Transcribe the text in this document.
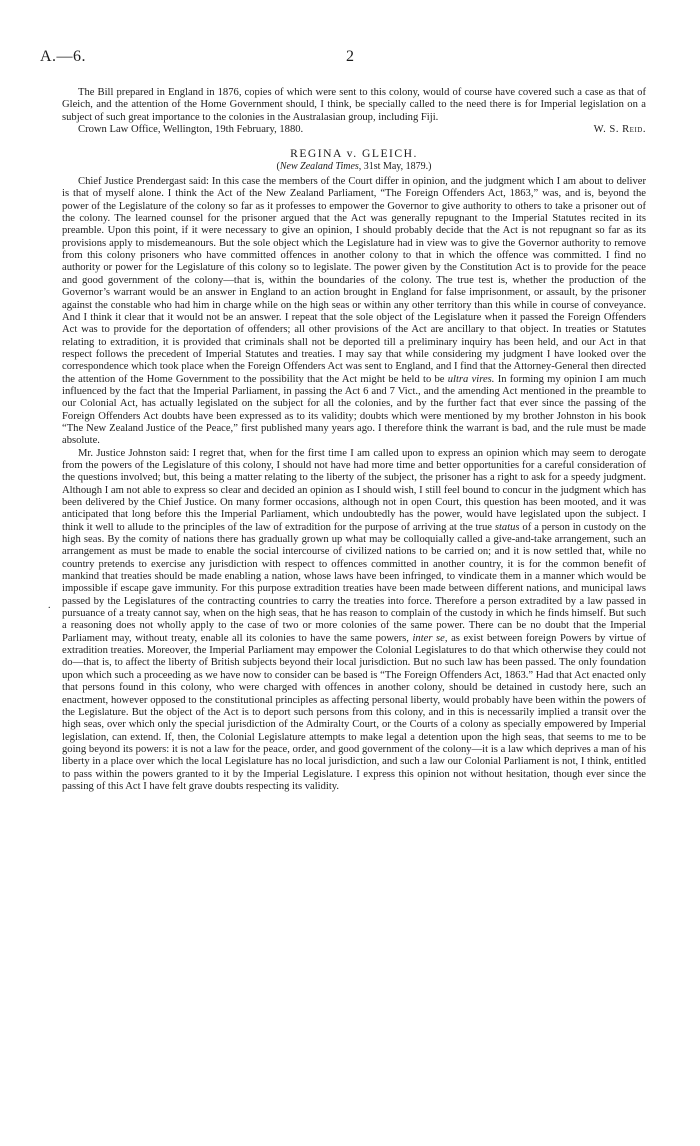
A.—6.	2
.

The Bill prepared in England in 1876, copies of which were sent to this colony, would of course have covered such a case as that of Gleich, and the attention of the Home Government should, I think, be specially called to the need there is for Imperial legislation on a subject of such great importance to the colonies in the Australasian group, including Fiji.

Crown Law Office, Wellington, 19th February, 1880.	W. S. Reid.
REGINA v. GLEICH.
(New Zealand Times, 31st May, 1879.)

Chief Justice Prendergast said: In this case the members of the Court differ in opinion, and the judgment which I am about to deliver is that of myself alone. I think the Act of the New Zealand Parliament, “The Foreign Offenders Act, 1863,” was, and is, beyond the power of the Legislature of the colony so far as it professes to empower the Governor to give authority to others to take a prisoner out of the colony. The learned counsel for the prisoner argued that the Act was generally repugnant to the Imperial Statutes recited in its preamble. Upon this point, if it were necessary to give an opinion, I should probably decide that the Act is not repugnant so far as its provisions apply to misdemeanours. But the sole object which the Legislature had in view was to give the Governor authority to remove from this colony prisoners who have committed offences in another colony to that in which the offence was committed. I find no authority or power for the Legislature of this colony so to legislate. The power given by the Constitution Act is to provide for the peace and good government of the colony—that is, within the boundaries of the colony. The true test is, whether the production of the Governor’s warrant would be an answer in England to an action brought in England for false imprisonment, or assault, by the prisoner against the constable who had him in charge while on the high seas or within any other territory than this while in course of conveyance. And I think it clear that it would not be an answer. I repeat that the sole object of the Legislature when it passed the Foreign Offenders Act was to provide for the deportation of offenders; all other provisions of the Act are ancillary to that object. In treaties or Statutes relating to extradition, it is provided that criminals shall not be deported till a preliminary inquiry has been held, and our Act in that respect follows the precedent of Imperial Statutes and treaties. I may say that while considering my judgment I have looked over the correspondence which took place when the Foreign Offenders Act was sent to England, and I find that the Attorney-General then directed the attention of the Home Government to the possibility that the Act might be held to be ultra vires. In forming my opinion I am much influenced by the fact that the Imperial Parliament, in passing the Act 6 and 7 Vict., and the amending Act mentioned in the preamble to our Colonial Act, has actually legislated on the subject for all the colonies, and by the further fact that ever since the passing of the Foreign Offenders Act doubts have been expressed as to its validity; doubts which were mentioned by my brother Johnston in his book “The New Zealand Justice of the Peace,” first published many years ago. I therefore think the warrant is bad, and the rule must be made absolute.

Mr. Justice Johnston said: I regret that, when for the first time I am called upon to express an opinion which may seem to derogate from the powers of the Legislature of this colony, I should not have had more time and better opportunities for a careful consideration of the questions involved; but, this being a matter relating to the liberty of the subject, the prisoner has a right to ask for a speedy judgment. Although I am not able to express so clear and decided an opinion as I should wish, I still feel bound to concur in the judgment which has been delivered by the Chief Justice. On many former occasions, although not in open Court, this question has been mooted, and it was anticipated that long before this the Imperial Parliament, which undoubtedly has the power, would have legislated upon the subject. I think it well to allude to the principles of the law of extradition for the purpose of arriving at the true status of a person in custody on the high seas. By the comity of nations there has gradually grown up what may be colloquially called a give-and-take arrangement, such an arrangement as must be made to enable the social intercourse of civilized nations to be carried on; and it is now settled that, while no country pretends to exercise any jurisdiction with respect to offences committed in another country, it is for the common benefit of mankind that treaties should be made enabling a nation, whose laws have been infringed, to vindicate them in a manner which would be impossible if escape gave immunity. For this purpose extradition treaties have been made between different nations, and municipal laws passed by the Legislatures of the contracting countries to carry the treaties into force. Therefore a person extradited by a law passed in pursuance of a treaty cannot say, when on the high seas, that he has reason to complain of the custody in which he finds himself. But such a reasoning does not wholly apply to the case of two or more colonies of the same power. There can be no doubt that the Imperial Parliament may, without treaty, enable all its colonies to have the same powers, inter se, as exist between foreign Powers by virtue of extradition treaties. Moreover, the Imperial Parliament may empower the Colonial Legislatures to do that which otherwise they could not do—that is, to affect the liberty of British subjects beyond their local jurisdiction. But no such law has been passed. The only foundation upon which such a proceeding as we have now to consider can be based is “The Foreign Offenders Act, 1863.” Had that Act enacted only that persons found in this colony, who were charged with offences in another colony, should be detained in custody here, such an enactment, however opposed to the constitutional principles as affecting personal liberty, would probably have been within the powers of the Legislature. But the object of the Act is to deport such persons from this colony, and in this is necessarily implied a transit over the high seas, over which only the special jurisdiction of the Admiralty Court, or the Courts of a colony as specially empowered by Imperial legislation, can extend. If, then, the Colonial Legislature attempts to make legal a detention upon the high seas, that seems to me to be going beyond its powers: it is not a law for the peace, order, and good government of the colony—it is a law which deprives a man of his liberty in a place over which the local Legislature has no local jurisdiction, and such a law our Colonial Parliament is not, I think, entitled to pass within the powers granted to it by the Imperial Legislature. I express this opinion not without hesitation, though ever since the passing of this Act I have felt grave doubts respecting its validity.
